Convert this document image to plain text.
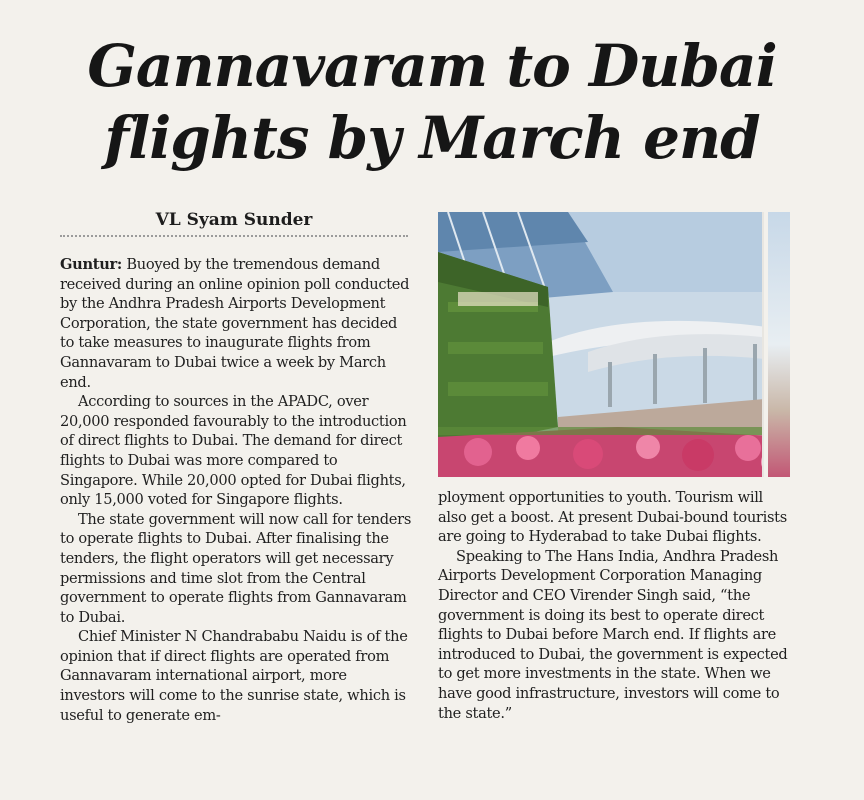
Gannavaram to Dubai
flights by March end
VL Syam Sunder

Guntur: Buoyed by the tremendous demand received during an online opinion poll conducted by the Andhra Pradesh Airports Development Corporation, the state government has decided to take measures to inaugurate flights from Gannavaram to Dubai twice a week by March end.

According to sources in the APADC, over 20,000 responded favourably to the introduction of direct flights to Dubai. The demand for direct flights to Dubai was more compared to Singapore. While 20,000 opted for Dubai flights, only 15,000 voted for Singapore flights.

The state government will now call for tenders to operate flights to Dubai. After finalising the tenders, the flight operators will get necessary permissions and time slot from the Central government to operate flights from Gannavaram to Dubai.

Chief Minister N Chandrababu Naidu is of the opinion that if direct flights are operated from Gannavaram international airport, more investors will come to the sunrise state, which is useful to generate em-

ployment opportunities to youth. Tourism will also get a boost. At present Dubai-bound tourists are going to Hyderabad to take Dubai flights.

Speaking to The Hans India, Andhra Pradesh Airports Development Corporation Managing Director and CEO Virender Singh said, “the government is doing its best to operate direct flights to Dubai before March end. If flights are introduced to Dubai, the government is expected to get more investments in the state. When we have good infrastructure, investors will come to the state.”
